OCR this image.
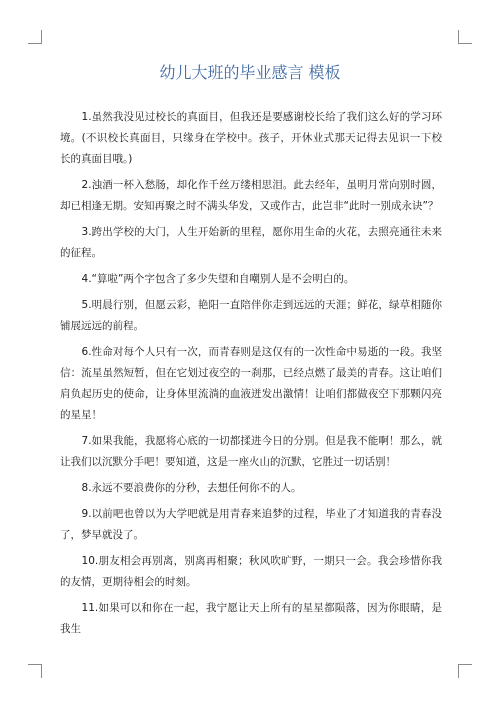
幼儿大班的毕业感言 模板

1.虽然我没见过校长的真面目，但我还是要感谢校长给了我们这么好的学习环境。(不识校长真面目，只缘身在学校中。孩子，开休业式那天记得去见识一下校长的真面目哦。)

2.浊酒一杯入愁肠，却化作千丝万缕相思泪。此去经年，虽明月常向别时圆，却已相逢无期。安知再聚之时不满头华发，又或作古，此岂非“此时一别成永诀”？

3.跨出学校的大门，人生开始新的里程，愿你用生命的火花，去照亮通往未来的征程。

4.“算啦”两个字包含了多少失望和自嘲别人是不会明白的。

5.明晨行别，但愿云彩，艳阳一直陪伴你走到远远的天涯；鲜花，绿草相随你铺展远远的前程。

6.性命对每个人只有一次，而青春则是这仅有的一次性命中易逝的一段。我坚信：流星虽然短暂，但在它划过夜空的一刹那，已经点燃了最美的青春。这让咱们肩负起历史的使命，让身体里流淌的血液迸发出激情！让咱们都做夜空下那颗闪亮的星星！

7.如果我能，我愿将心底的一切都揉进今日的分别。但是我不能啊！那么，就让我们以沉默分手吧！要知道，这是一座火山的沉默，它胜过一切话别！

8.永远不要浪费你的分秒，去想任何你不的人。

9.以前吧也曾以为大学吧就是用青春来追梦的过程，毕业了才知道我的青春没了，梦早就没了。

10.朋友相会再别离，别离再相聚；秋风吹旷野，一期只一会。我会珍惜你我的友情，更期待相会的时刻。

11.如果可以和你在一起，我宁愿让天上所有的星星都陨落，因为你眼睛，是我生
